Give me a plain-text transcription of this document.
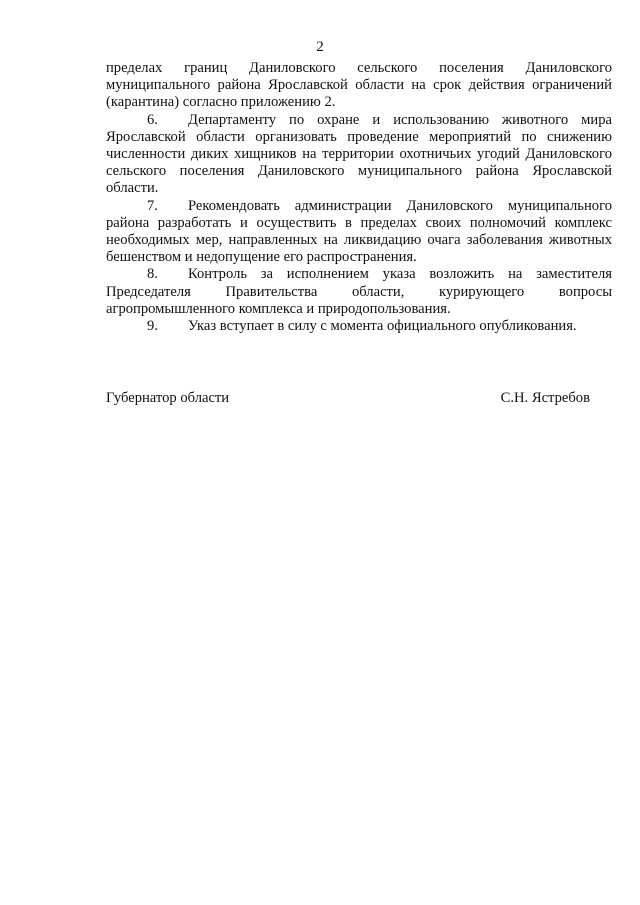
2

пределах границ Даниловского сельского поселения Даниловского муниципального района Ярославской области на срок действия ограничений (карантина) согласно приложению 2.

6. Департаменту по охране и использованию животного мира Ярославской области организовать проведение мероприятий по снижению численности диких хищников на территории охотничьих угодий Даниловского сельского поселения Даниловского муниципального района Ярославской области.

7. Рекомендовать администрации Даниловского муниципального района разработать и осуществить в пределах своих полномочий комплекс необходимых мер, направленных на ликвидацию очага заболевания животных бешенством и недопущение его распространения.

8. Контроль за исполнением указа возложить на заместителя Председателя Правительства области, курирующего вопросы агропромышленного комплекса и природопользования.

9. Указ вступает в силу с момента официального опубликования.

Губернатор области	С.Н. Ястребов
